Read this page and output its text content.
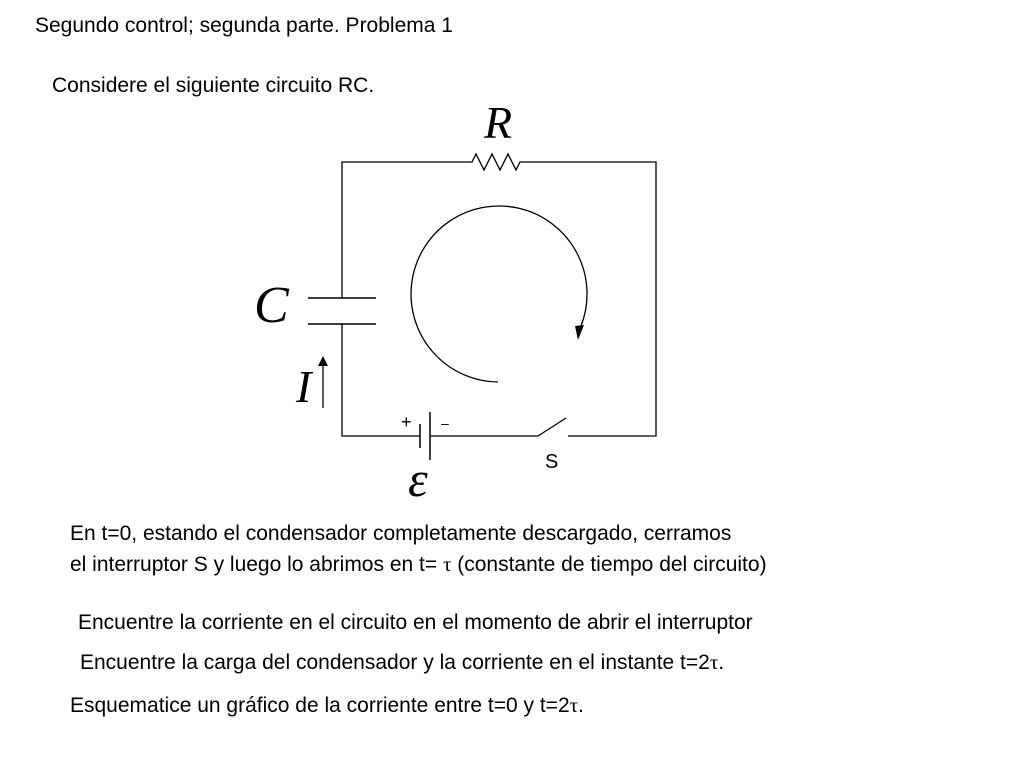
Segundo control; segunda parte. Problema 1

Considere el siguiente circuito RC.

R
C
I
ε
+ –
S

En t=0, estando el condensador completamente descargado, cerramos

el interruptor S y luego lo abrimos en t= τ (constante de tiempo del circuito)

Encuentre la corriente en el circuito en el momento de abrir el interruptor

Encuentre la carga del condensador y la corriente en el instante t=2τ.

Esquematice un gráfico de la corriente entre t=0 y t=2τ.
